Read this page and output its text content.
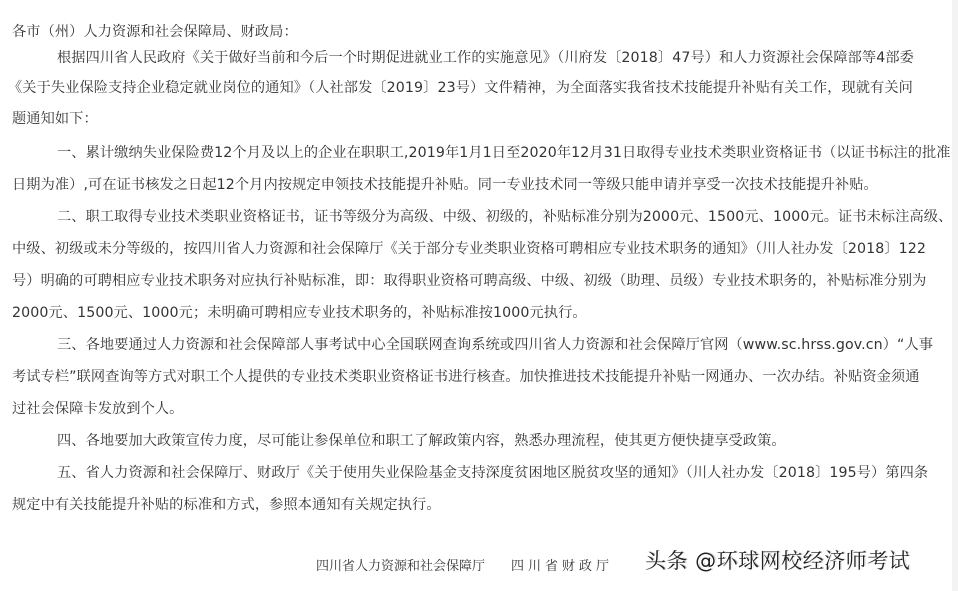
各市（州）人力资源和社会保障局、财政局：
根据四川省人民政府《关于做好当前和今后一个时期促进就业工作的实施意见》（川府发〔2018〕47号）和人力资源社会保障部等4部委
《关于失业保险支持企业稳定就业岗位的通知》（人社部发〔2019〕23号）文件精神，为全面落实我省技术技能提升补贴有关工作，现就有关问
题通知如下：
一、累计缴纳失业保险费12个月及以上的企业在职职工,2019年1月1日至2020年12月31日取得专业技术类职业资格证书（以证书标注的批准
日期为准）,可在证书核发之日起12个月内按规定申领技术技能提升补贴。同一专业技术同一等级只能申请并享受一次技术技能提升补贴。
二、职工取得专业技术类职业资格证书，证书等级分为高级、中级、初级的，补贴标准分别为2000元、1500元、1000元。证书未标注高级、
中级、初级或未分等级的，按四川省人力资源和社会保障厅《关于部分专业类职业资格可聘相应专业技术职务的通知》（川人社办发〔2018〕122
号）明确的可聘相应专业技术职务对应执行补贴标准，即：取得职业资格可聘高级、中级、初级（助理、员级）专业技术职务的，补贴标准分别为
2000元、1500元、1000元；未明确可聘相应专业技术职务的，补贴标准按1000元执行。
三、各地要通过人力资源和社会保障部人事考试中心全国联网查询系统或四川省人力资源和社会保障厅官网（www.sc.hrss.gov.cn）“人事
考试专栏”联网查询等方式对职工个人提供的专业技术类职业资格证书进行核查。加快推进技术技能提升补贴一网通办、一次办结。补贴资金须通
过社会保障卡发放到个人。
四、各地要加大政策宣传力度，尽可能让参保单位和职工了解政策内容，熟悉办理流程，使其更方便快捷享受政策。
五、省人力资源和社会保障厅、财政厅《关于使用失业保险基金支持深度贫困地区脱贫攻坚的通知》（川人社办发〔2018〕195号）第四条
规定中有关技能提升补贴的标准和方式，参照本通知有关规定执行。
四川省人力资源和社会保障厅 四川省财政厅 头条 @环球网校经济师考试
